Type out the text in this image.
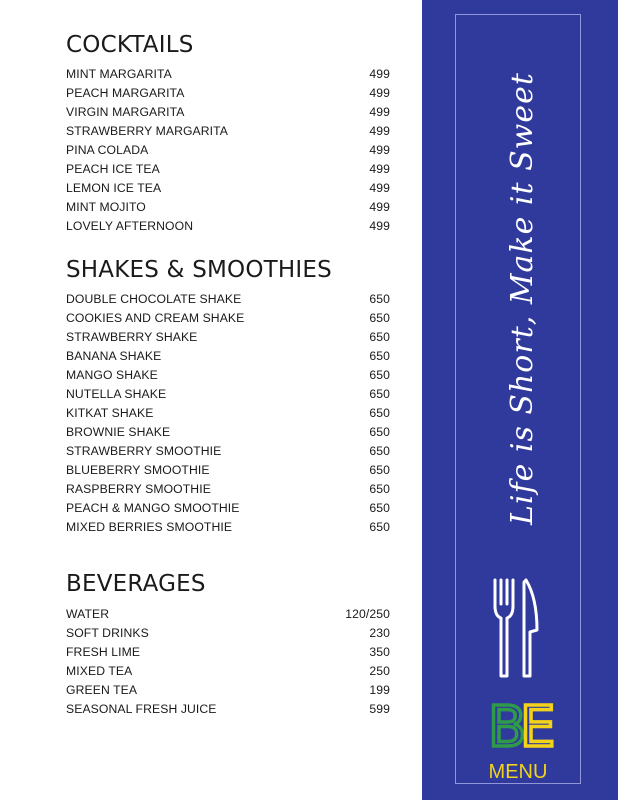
COCKTAILS
MINT MARGARITA	499
PEACH MARGARITA	499
VIRGIN MARGARITA	499
STRAWBERRY MARGARITA	499
PINA COLADA	499
PEACH ICE TEA	499
LEMON ICE TEA	499
MINT MOJITO	499
LOVELY AFTERNOON	499
SHAKES & SMOOTHIES
DOUBLE CHOCOLATE SHAKE	650
COOKIES AND CREAM SHAKE	650
STRAWBERRY SHAKE	650
BANANA SHAKE	650
MANGO SHAKE	650
NUTELLA SHAKE	650
KITKAT SHAKE	650
BROWNIE SHAKE	650
STRAWBERRY SMOOTHIE	650
BLUEBERRY SMOOTHIE	650
RASPBERRY SMOOTHIE	650
PEACH & MANGO SMOOTHIE	650
MIXED BERRIES SMOOTHIE	650
BEVERAGES
WATER	120/250
SOFT DRINKS	230
FRESH LIME	350
MIXED TEA	250
GREEN TEA	199
SEASONAL FRESH JUICE	599
Life is Short, Make it Sweet
B
E
MENU
